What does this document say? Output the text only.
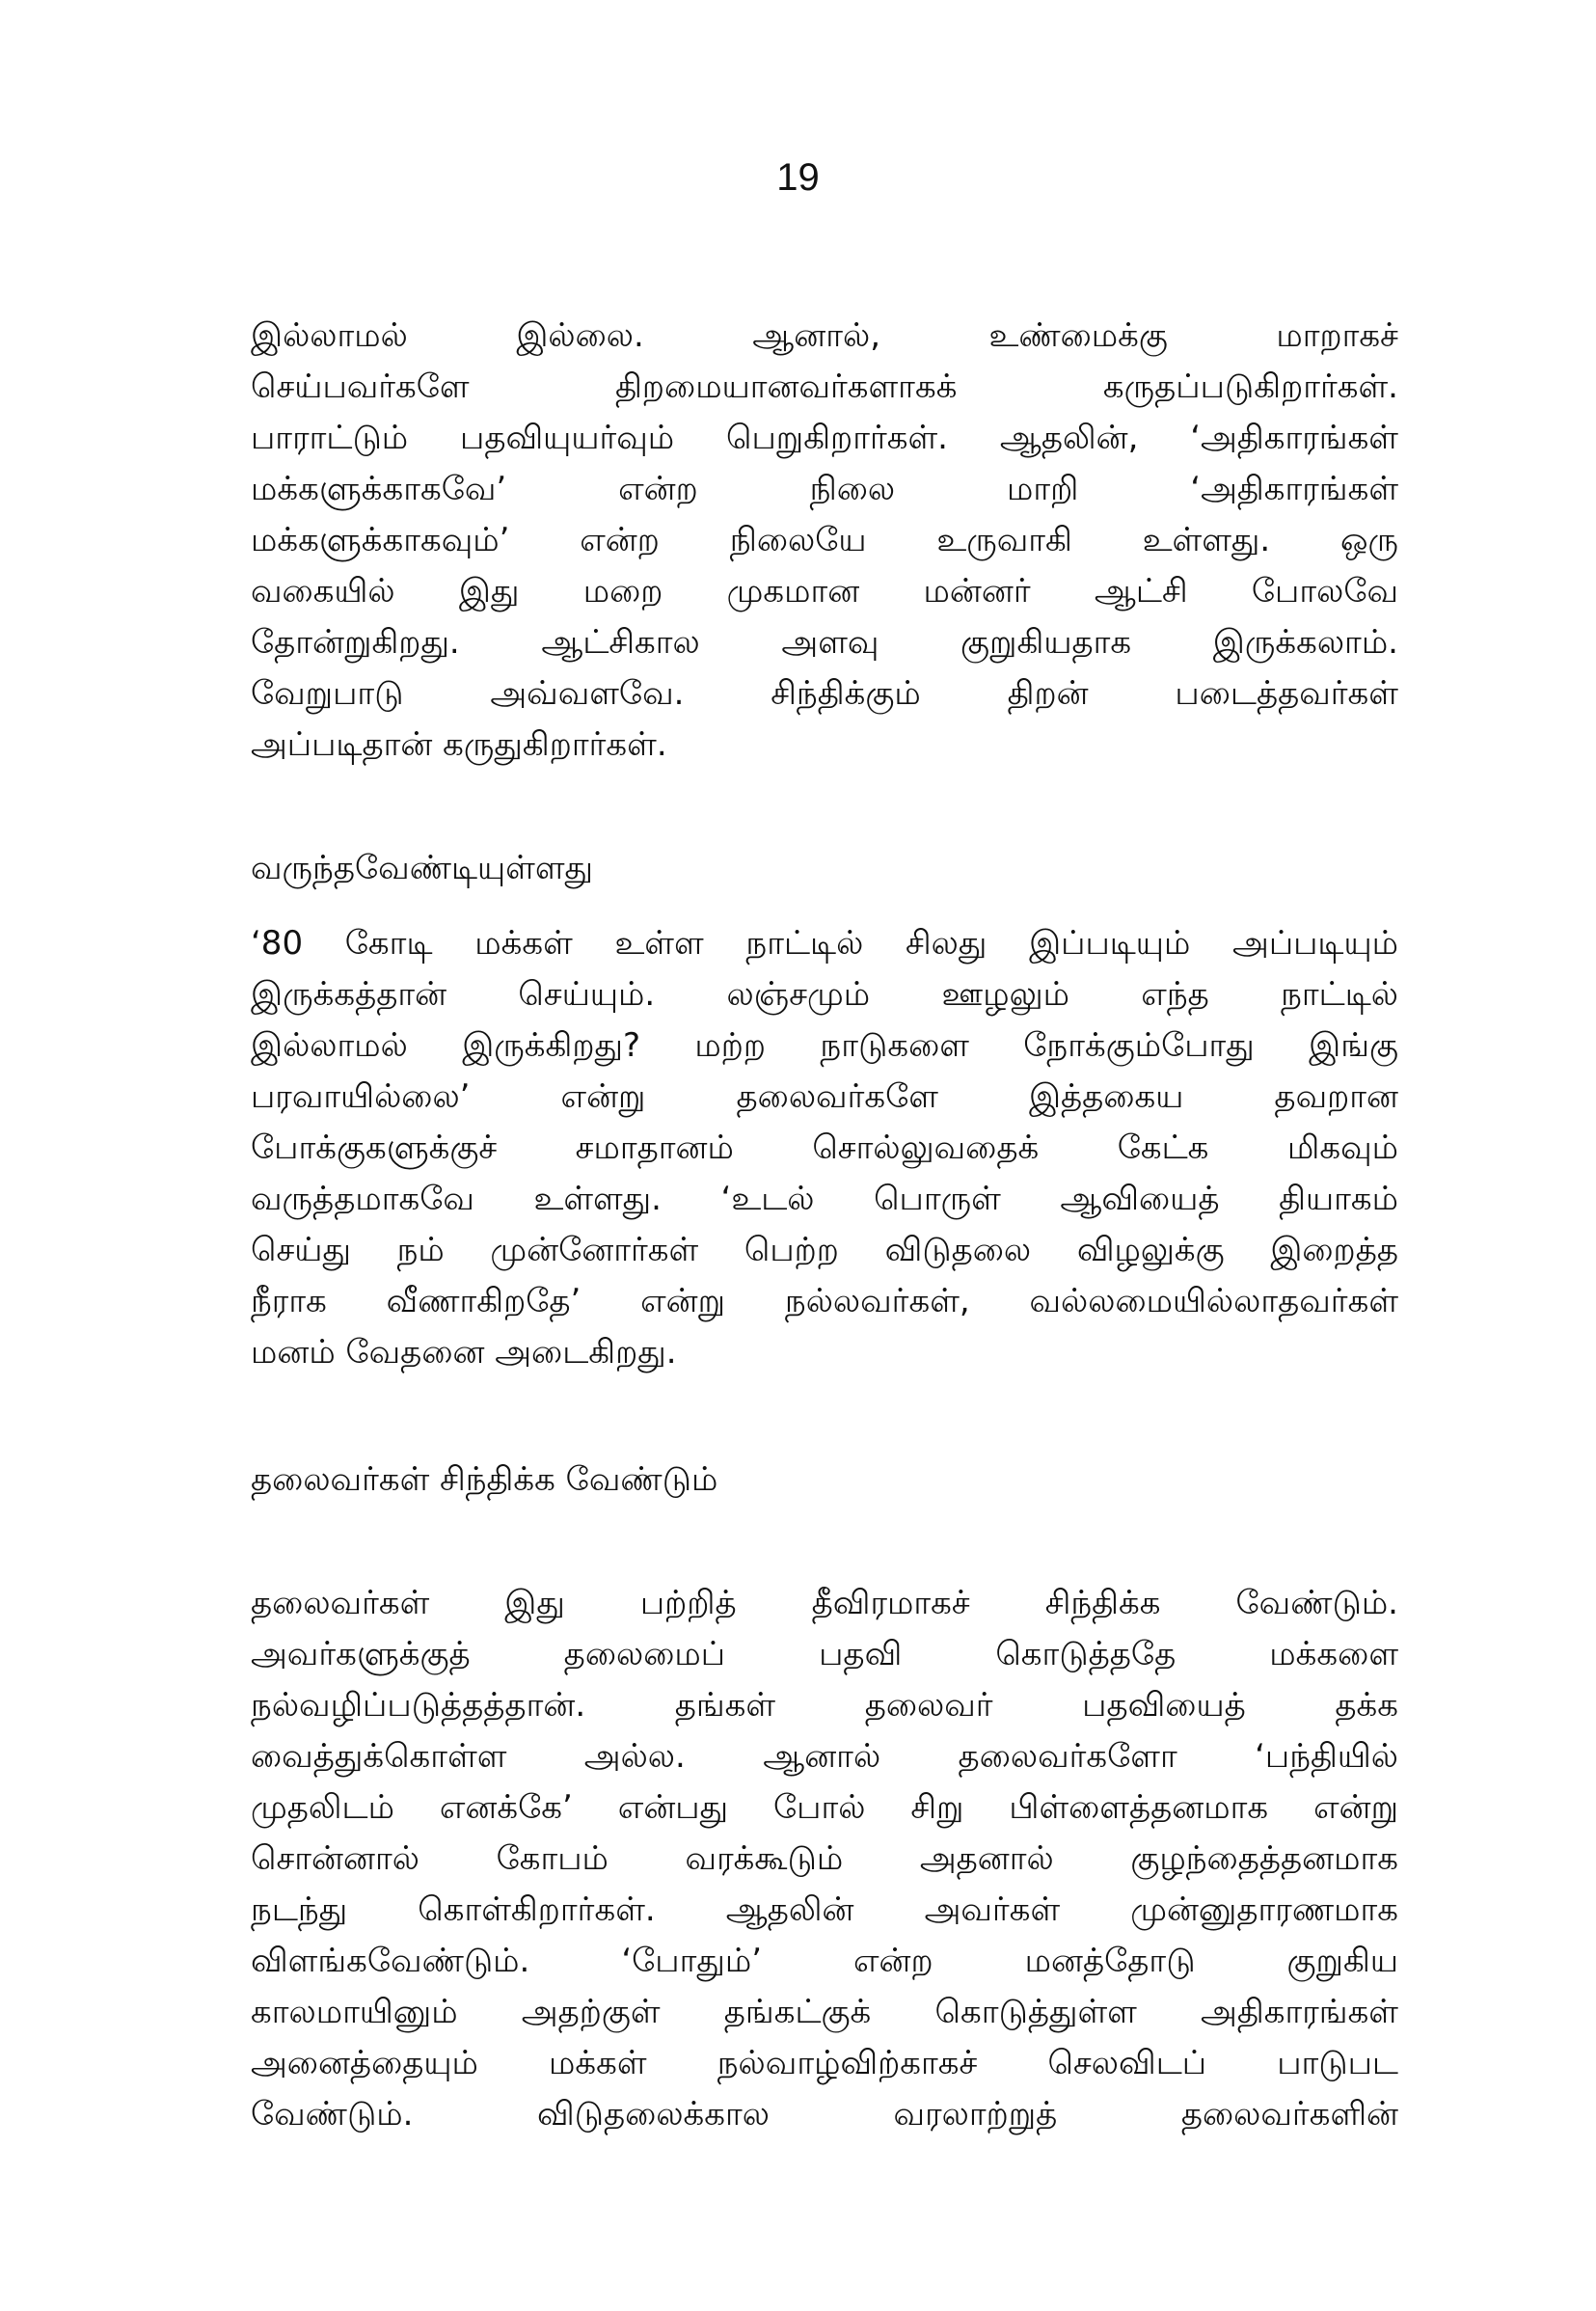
19
இல்லாமல் இல்லை. ஆனால், உண்மைக்கு மாறாகச்
செய்பவர்களே திறமையானவர்களாகக் கருதப்படுகிறார்கள்.
பாராட்டும் பதவியுயர்வும் பெறுகிறார்கள். ஆதலின், ‘அதிகாரங்கள்
மக்களுக்காகவே’ என்ற நிலை மாறி ‘அதிகாரங்கள்
மக்களுக்காகவும்’ என்ற நிலையே உருவாகி உள்ளது. ஒரு
வகையில் இது மறை முகமான மன்னர் ஆட்சி போலவே
தோன்றுகிறது. ஆட்சிகால அளவு குறுகியதாக இருக்கலாம்.
வேறுபாடு அவ்வளவே. சிந்திக்கும் திறன் படைத்தவர்கள்
அப்படிதான் கருதுகிறார்கள்.
வருந்தவேண்டியுள்ளது
‘80 கோடி மக்கள் உள்ள நாட்டில் சிலது இப்படியும் அப்படியும்
இருக்கத்தான் செய்யும். லஞ்சமும் ஊழலும் எந்த நாட்டில்
இல்லாமல் இருக்கிறது? மற்ற நாடுகளை நோக்கும்போது இங்கு
பரவாயில்லை’ என்று தலைவர்களே இத்தகைய தவறான
போக்குகளுக்குச் சமாதானம் சொல்லுவதைக் கேட்க மிகவும்
வருத்தமாகவே உள்ளது. ‘உடல் பொருள் ஆவியைத் தியாகம்
செய்து நம் முன்னோர்கள் பெற்ற விடுதலை விழலுக்கு இறைத்த
நீராக வீணாகிறதே’ என்று நல்லவர்கள், வல்லமையில்லாதவர்கள்
மனம் வேதனை அடைகிறது.
தலைவர்கள் சிந்திக்க வேண்டும்
தலைவர்கள் இது பற்றித் தீவிரமாகச் சிந்திக்க வேண்டும்.
அவர்களுக்குத் தலைமைப் பதவி கொடுத்ததே மக்களை
நல்வழிப்படுத்தத்தான். தங்கள் தலைவர் பதவியைத் தக்க
வைத்துக்கொள்ள அல்ல. ஆனால் தலைவர்களோ ‘பந்தியில்
முதலிடம் எனக்கே’ என்பது போல் சிறு பிள்ளைத்தனமாக என்று
சொன்னால் கோபம் வரக்கூடும் அதனால் குழந்தைத்தனமாக
நடந்து கொள்கிறார்கள். ஆதலின் அவர்கள் முன்னுதாரணமாக
விளங்கவேண்டும். ‘போதும்’ என்ற மனத்தோடு குறுகிய
காலமாயினும் அதற்குள் தங்கட்குக் கொடுத்துள்ள அதிகாரங்கள்
அனைத்தையும் மக்கள் நல்வாழ்விற்காகச் செலவிடப் பாடுபட
வேண்டும். விடுதலைக்கால வரலாற்றுத் தலைவர்களின்
